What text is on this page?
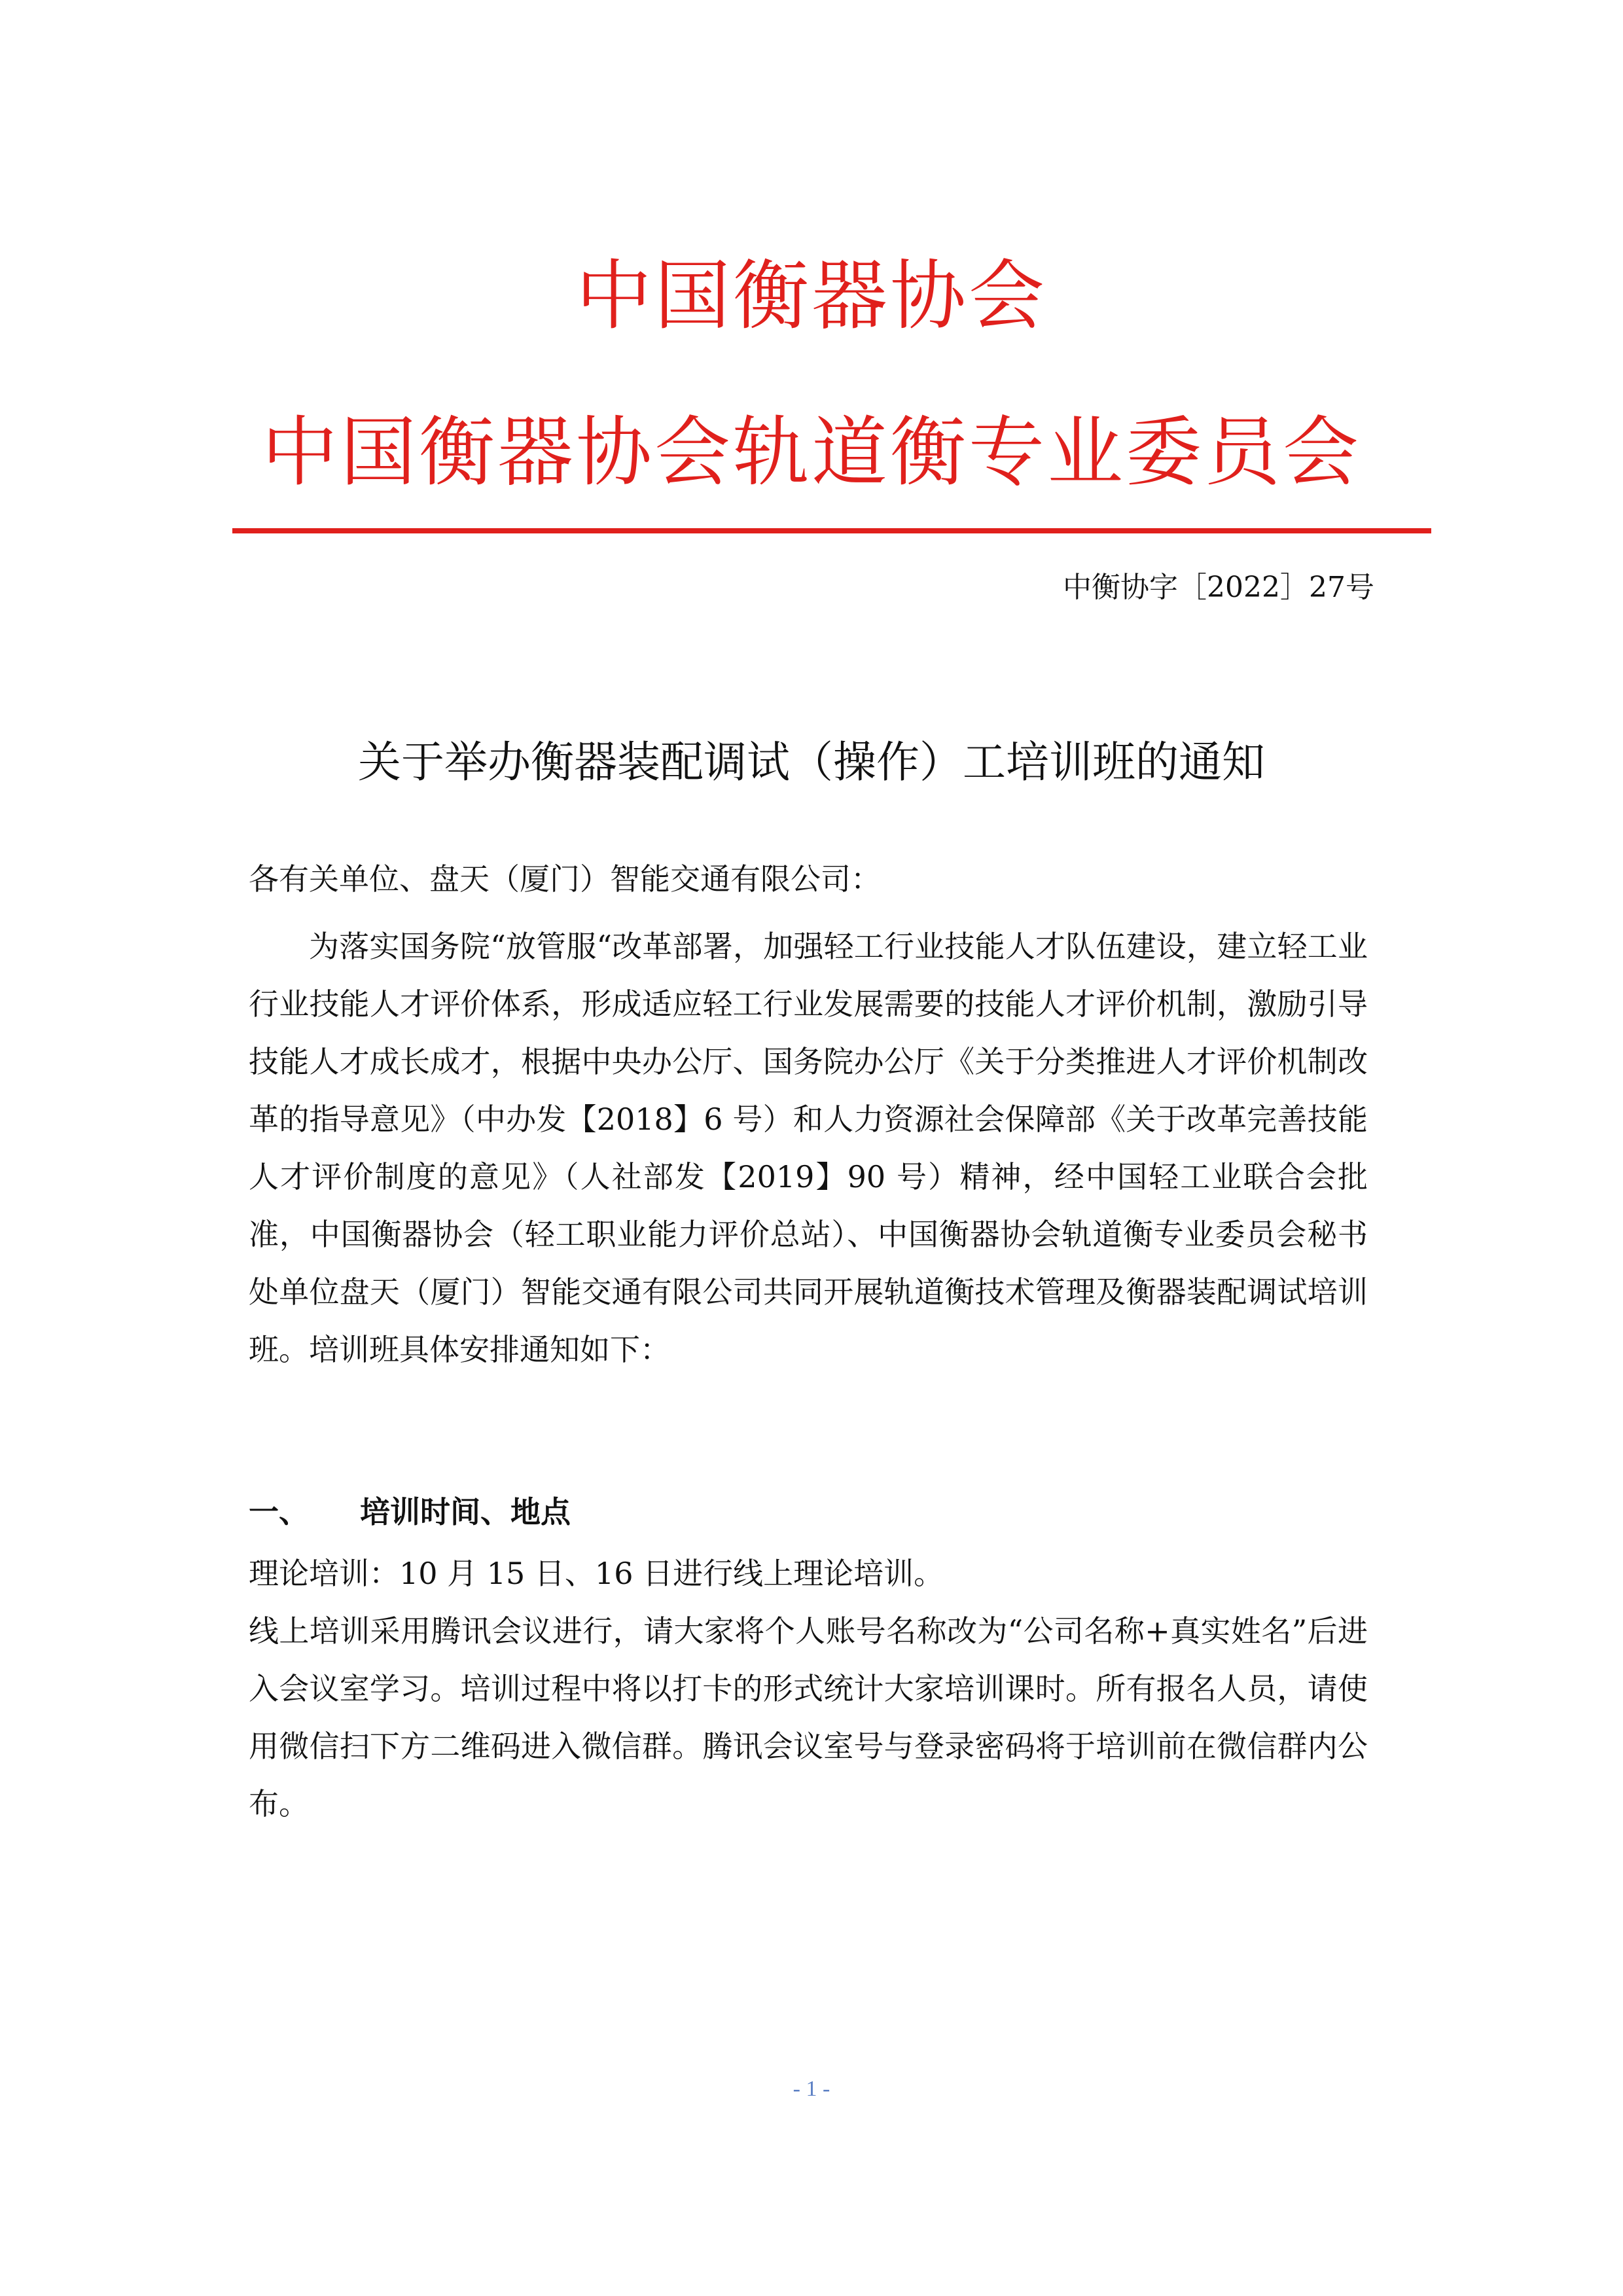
中国衡器协会
中国衡器协会轨道衡专业委员会
中衡协字［2022］27号
关于举办衡器装配调试（操作）工培训班的通知
各有关单位、盘天（厦门）智能交通有限公司：
为落实国务院“放管服“改革部署，加强轻工行业技能人才队伍建设，建立轻工业行业技能人才评价体系，形成适应轻工行业发展需要的技能人才评价机制，激励引导技能人才成长成才，根据中央办公厅、国务院办公厅《关于分类推进人才评价机制改革的指导意见》（中办发【2018】6 号）和人力资源社会保障部《关于改革完善技能人才评价制度的意见》（人社部发【2019】90 号）精神，经中国轻工业联合会批准，中国衡器协会（轻工职业能力评价总站）、中国衡器协会轨道衡专业委员会秘书处单位盘天（厦门）智能交通有限公司共同开展轨道衡技术管理及衡器装配调试培训班。培训班具体安排通知如下：
一、 培训时间、地点

理论培训：10 月 15 日、16 日进行线上理论培训。

线上培训采用腾讯会议进行，请大家将个人账号名称改为“公司名称+真实姓名”后进入会议室学习。培训过程中将以打卡的形式统计大家培训课时。所有报名人员，请使用微信扫下方二维码进入微信群。腾讯会议室号与登录密码将于培训前在微信群内公布。

- 1 -
